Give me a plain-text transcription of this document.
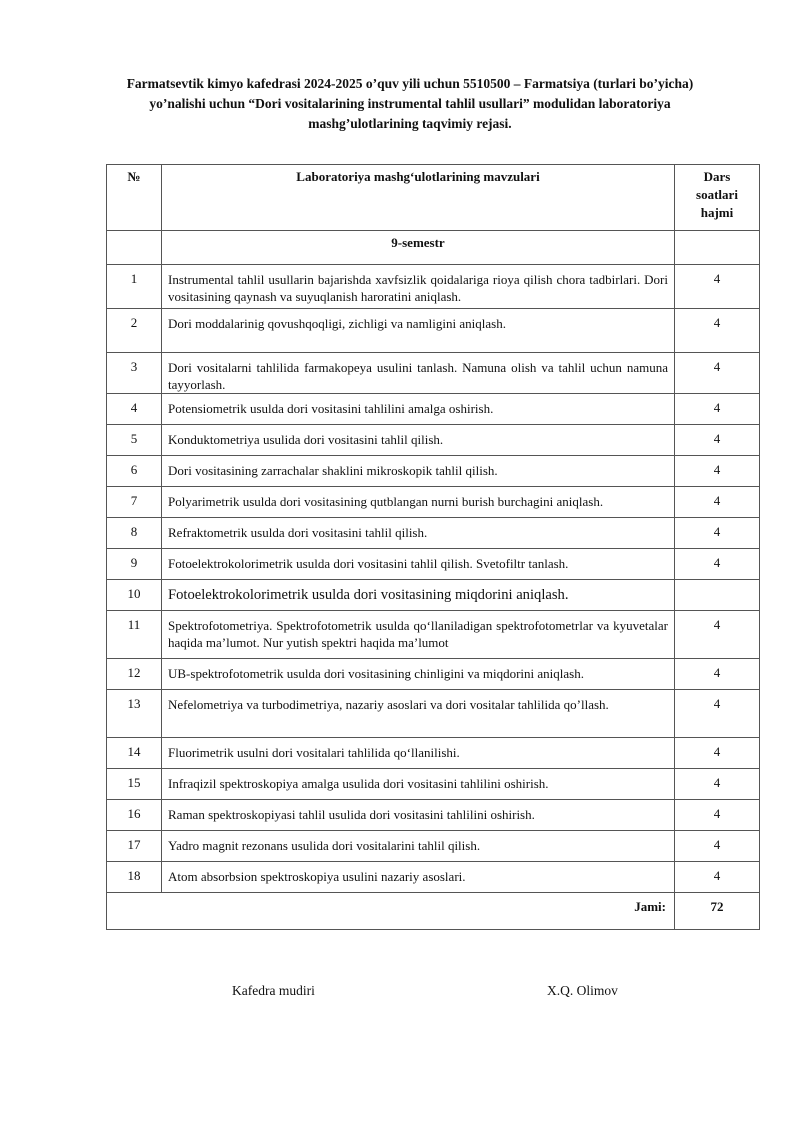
Farmatsevtik kimyo kafedrasi 2024-2025 o’quv yili uchun 5510500 – Farmatsiya (turlari bo’yicha)
yo’nalishi uchun “Dori vositalarining instrumental tahlil usullari” modulidan laboratoriya
mashg’ulotlarining taqvimiy rejasi.
№	Laboratoriya mashg‘ulotlarining mavzulari	Dars
soatlari
hajmi

	9-semestr	
1	Instrumental tahlil usullarin bajarishda xavfsizlik qoidalariga rioya qilish chora tadbirlari. Dori vositasining qaynash va suyuqlanish haroratini aniqlash.	4
2	Dori moddalarinig qovushqoqligi, zichligi va namligini aniqlash.	4
3	Dori vositalarni tahlilida farmakopeya usulini tanlash. Namuna olish va tahlil uchun namuna tayyorlash.	4
4	Potensiometrik usulda dori vositasini tahlilini amalga oshirish.	4
5	Konduktometriya usulida dori vositasini tahlil qilish.	4
6	Dori vositasining zarrachalar shaklini mikroskopik tahlil qilish.	4
7	Polyarimetrik usulda dori vositasining qutblangan nurni burish burchagini aniqlash.	4
8	Refraktometrik usulda dori vositasini tahlil qilish.	4
9	Fotoelektrokolorimetrik usulda dori vositasini tahlil qilish. Svetofiltr tanlash.	4
10	Fotoelektrokolorimetrik usulda dori vositasining miqdorini aniqlash.	
11	Spektrofotometriya. Spektrofotometrik usulda qo‘llaniladigan spektrofotometrlar va kyuvetalar haqida ma’lumot. Nur yutish spektri haqida ma’lumot	4
12	UB-spektrofotometrik usulda dori vositasining chinligini va miqdorini aniqlash.	4
13	Nefelometriya va turbodimetriya, nazariy asoslari va dori vositalar tahlilida qo’llash.	4
14	Fluorimetrik usulni dori vositalari tahlilida qo‘llanilishi.	4
15	Infraqizil spektroskopiya amalga usulida dori vositasini tahlilini oshirish.	4
16	Raman spektroskopiyasi tahlil usulida dori vositasini tahlilini oshirish.	4
17	Yadro magnit rezonans usulida dori vositalarini tahlil qilish.	4
18	Atom absorbsion spektroskopiya usulini nazariy asoslari.	4
Jami:		72
Kafedra mudiri	X.Q. Olimov
